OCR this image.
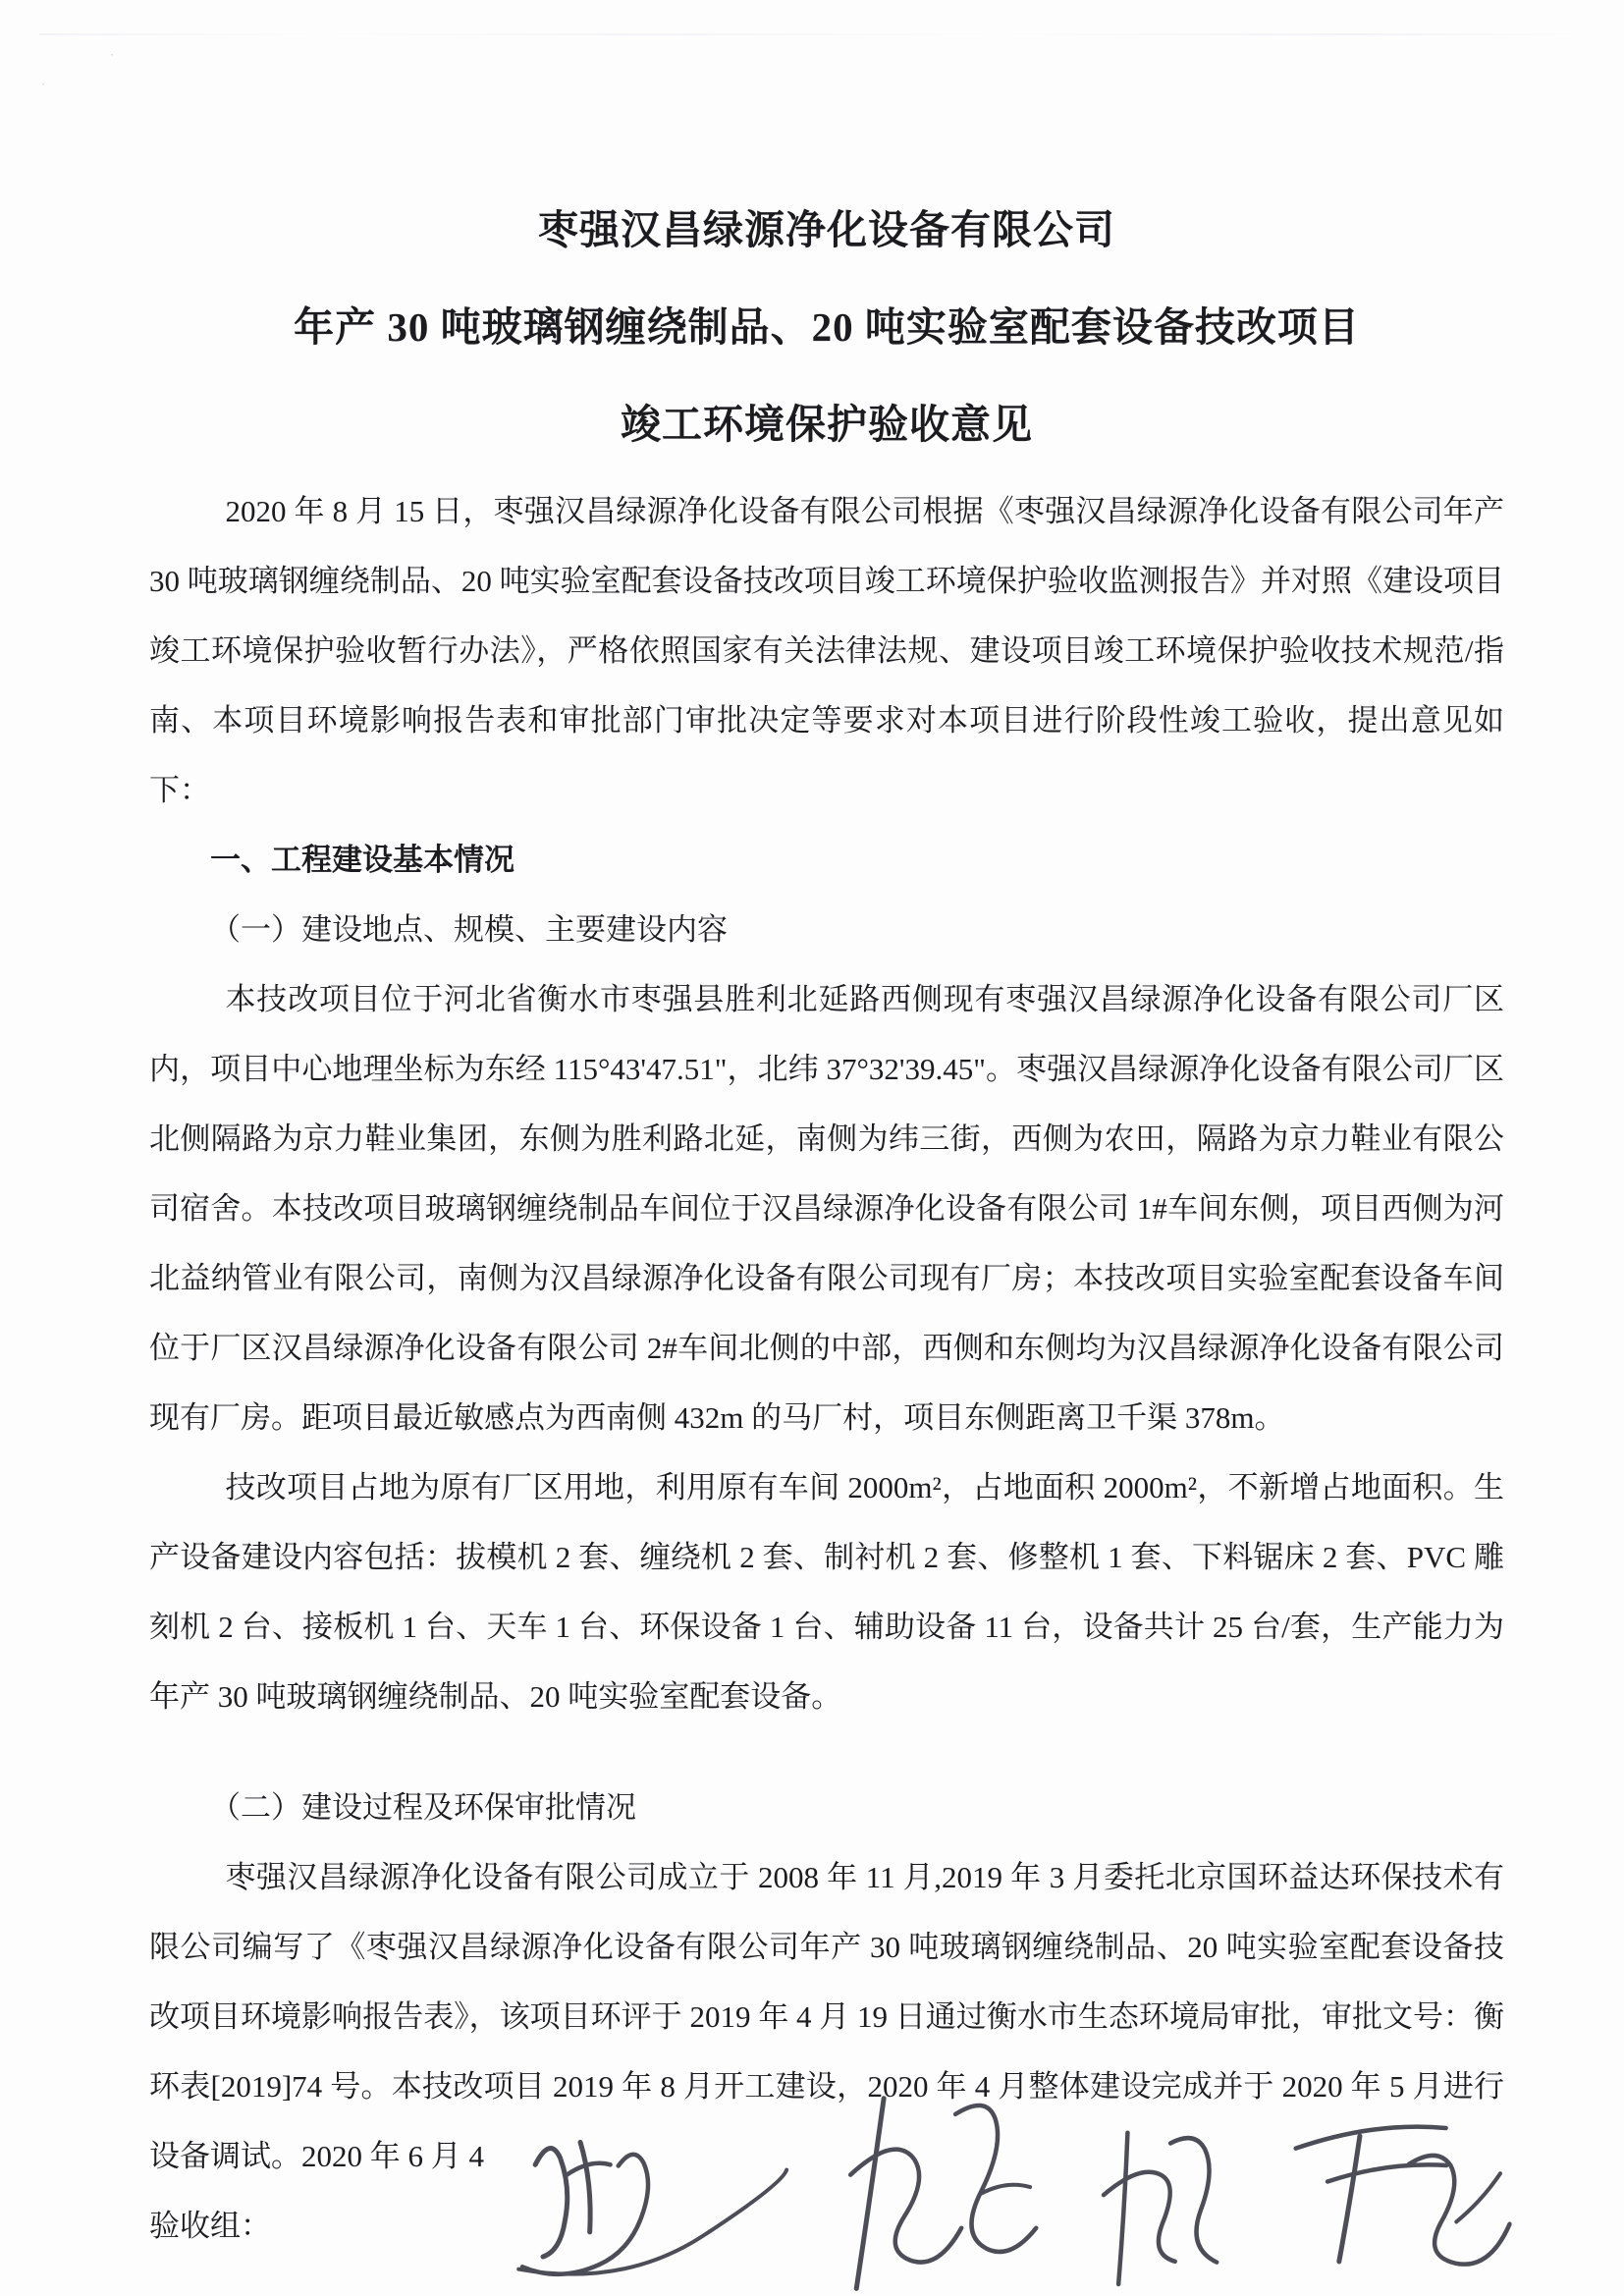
·
·
枣强汉昌绿源净化设备有限公司
年产 30 吨玻璃钢缠绕制品、20 吨实验室配套设备技改项目
竣工环境保护验收意见

2020 年 8 月 15 日，枣强汉昌绿源净化设备有限公司根据《枣强汉昌绿源净化设备有限公司年产 30 吨玻璃钢缠绕制品、20 吨实验室配套设备技改项目竣工环境保护验收监测报告》并对照《建设项目竣工环境保护验收暂行办法》，严格依照国家有关法律法规、建设项目竣工环境保护验收技术规范/指南、本项目环境影响报告表和审批部门审批决定等要求对本项目进行阶段性竣工验收，提出意见如下：

一、工程建设基本情况

（一）建设地点、规模、主要建设内容

本技改项目位于河北省衡水市枣强县胜利北延路西侧现有枣强汉昌绿源净化设备有限公司厂区内，项目中心地理坐标为东经 115°43'47.51"，北纬 37°32'39.45"。枣强汉昌绿源净化设备有限公司厂区北侧隔路为京力鞋业集团，东侧为胜利路北延，南侧为纬三街，西侧为农田，隔路为京力鞋业有限公司宿舍。本技改项目玻璃钢缠绕制品车间位于汉昌绿源净化设备有限公司 1#车间东侧，项目西侧为河北益纳管业有限公司，南侧为汉昌绿源净化设备有限公司现有厂房；本技改项目实验室配套设备车间位于厂区汉昌绿源净化设备有限公司 2#车间北侧的中部，西侧和东侧均为汉昌绿源净化设备有限公司现有厂房。距项目最近敏感点为西南侧 432m 的马厂村，项目东侧距离卫千渠 378m。

技改项目占地为原有厂区用地，利用原有车间 2000m²，占地面积 2000m²，不新增占地面积。生产设备建设内容包括：拔模机 2 套、缠绕机 2 套、制衬机 2 套、修整机 1 套、下料锯床 2 套、PVC 雕刻机 2 台、接板机 1 台、天车 1 台、环保设备 1 台、辅助设备 11 台，设备共计 25 台/套，生产能力为年产 30 吨玻璃钢缠绕制品、20 吨实验室配套设备。

（二）建设过程及环保审批情况

枣强汉昌绿源净化设备有限公司成立于 2008 年 11 月,2019 年 3 月委托北京国环益达环保技术有限公司编写了《枣强汉昌绿源净化设备有限公司年产 30 吨玻璃钢缠绕制品、20 吨实验室配套设备技改项目环境影响报告表》，该项目环评于 2019 年 4 月 19 日通过衡水市生态环境局审批，审批文号：衡环表[2019]74 号。本技改项目 2019 年 8 月开工建设，2020 年 4 月整体建设完成并于 2020 年 5 月进行设备调试。2020 年 6 月 4

验收组：
